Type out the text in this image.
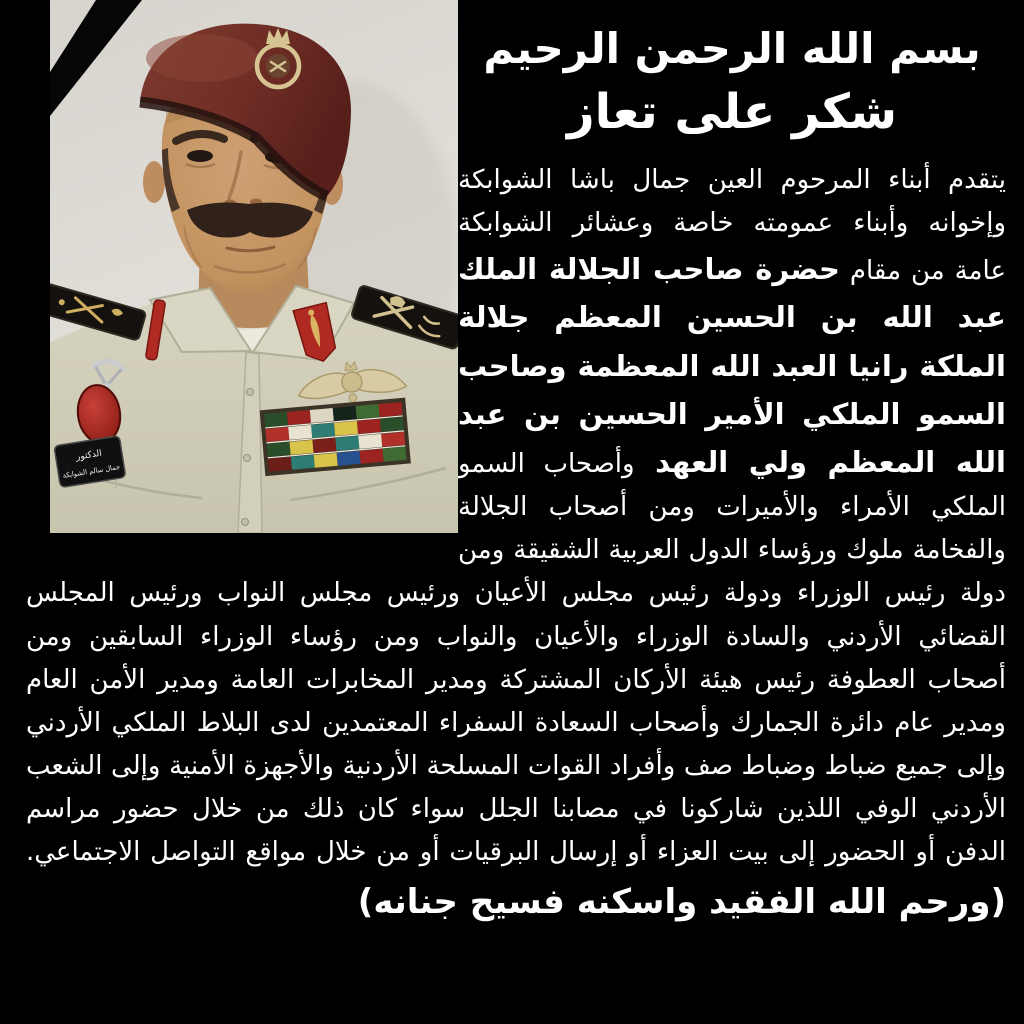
الدكتور
جمال سالم الشوابكة
بسم الله الرحمن الرحيم
شكر على تعاز

يتقدم أبناء المرحوم العين جمال باشا الشوابكة وإخوانه وأبناء عمومته خاصة وعشائر الشوابكة عامة من مقام حضرة صاحب الجلالة الملك عبد الله بن الحسين المعظم جلالة الملكة رانيا العبد الله المعظمة وصاحب السمو الملكي الأمير الحسين بن عبد الله المعظم ولي العهد وأصحاب السمو الملكي الأمراء والأميرات ومن أصحاب الجلالة والفخامة ملوك ورؤساء الدول العربية الشقيقة ومن دولة رئيس الوزراء ودولة رئيس مجلس الأعيان ورئيس مجلس النواب ورئيس المجلس القضائي الأردني والسادة الوزراء والأعيان والنواب ومن رؤساء الوزراء السابقين ومن أصحاب العطوفة رئيس هيئة الأركان المشتركة ومدير المخابرات العامة ومدير الأمن العام ومدير عام دائرة الجمارك وأصحاب السعادة السفراء المعتمدين لدى البلاط الملكي الأردني وإلى جميع ضباط وضباط صف وأفراد القوات المسلحة الأردنية والأجهزة الأمنية وإلى الشعب الأردني الوفي اللذين شاركونا في مصابنا الجلل سواء كان ذلك من خلال حضور مراسم الدفن أو الحضور إلى بيت العزاء أو إرسال البرقيات أو من خلال مواقع التواصل الاجتماعي. (ورحم الله الفقيد واسكنه فسيح جنانه)
